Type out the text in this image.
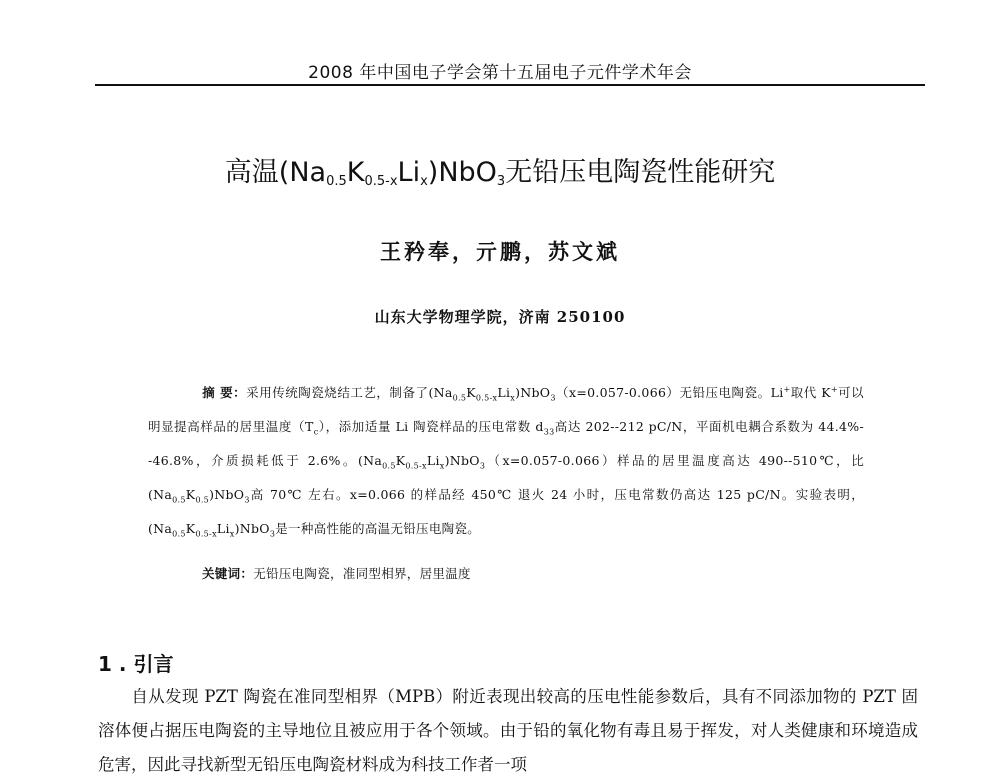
2008 年中国电子学会第十五届电子元件学术年会
高温$(Na_{0.5}K_{0.5-x}Li_x)NbO_3$无铅压电陶瓷性能研究
王矜奉，亓鹏，苏文斌
山东大学物理学院，济南 250100
摘 要：采用传统陶瓷烧结工艺，制备了$(Na_{0.5}K_{0.5-x}Li_x)NbO_3(x=0.057-0.066)$无铅压电陶瓷。Li+取代 K+可以明显提高样品的居里温度$(T_c)$，添加适量 Li 陶瓷样品的压电常数 $d_{33}$高达 202--212 pC/N，平面机电耦合系数为 44.4%--46.8%，介质损耗低于 2.6%。$(Na_{0.5}K_{0.5-x}Li_x)NbO_3(x=0.057-0.066)$样品的居里温度高达 490--510℃，比$(Na_{0.5}K_{0.5})NbO_3$高 70℃ 左右。x=0.066 的样品经 450℃ 退火 24 小时，压电常数仍高达 125 pC/N。实验表明，$(Na_{0.5}K_{0.5-x}Li_x)NbO_3$是一种高性能的高温无铅压电陶瓷。
关键词：无铅压电陶瓷，准同型相界，居里温度
1 . 引言
自从发现 PZT 陶瓷在准同型相界（MPB）附近表现出较高的压电性能参数后，具有不同添加物的 PZT 固溶体便占据压电陶瓷的主导地位且被应用于各个领域。由于铅的氧化物有毒且易于挥发，对人类健康和环境造成危害，因此寻找新型无铅压电陶瓷材料成为科技工作者一项
